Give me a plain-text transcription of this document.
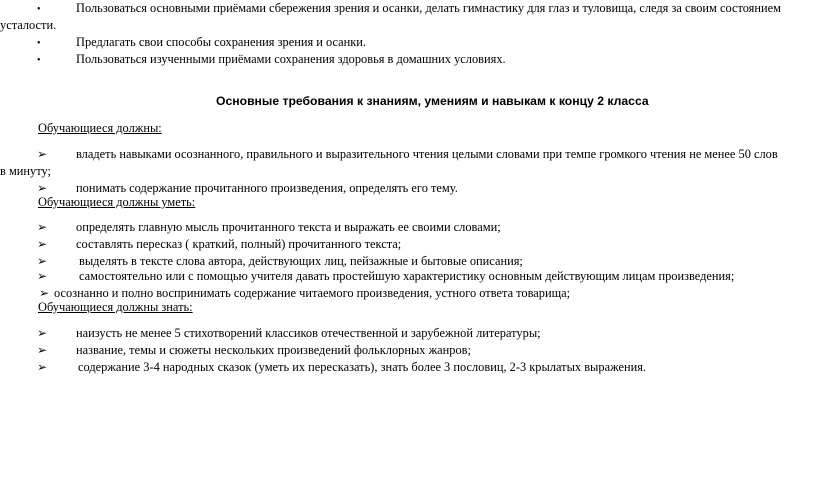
•	Пользоваться основными приёмами сбережения зрения и осанки, делать гимнастику для глаз и туловища, следя за своим состоянием
усталости.
•	Предлагать свои способы сохранения зрения и осанки.
•	Пользоваться изученными приёмами сохранения здоровья в домашних условиях.
Основные требования к знаниям, умениям и навыкам к концу 2 класса
Обучающиеся должны:
➢ владеть навыками осознанного, правильного и выразительного чтения целыми словами при темпе громкого чтения не менее 50 слов
в минуту;
➢ понимать содержание прочитанного произведения, определять его тему.
Обучающиеся должны уметь:
➢ определять главную мысль прочитанного текста и выражать ее своими словами;
➢ составлять пересказ ( краткий, полный) прочитанного текста;
➢	выделять в тексте слова автора, действующих лиц, пейзажные и бытовые описания;
➢	самостоятельно или с помощью учителя давать простейшую характеристику основным действующим лицам произведения;
➢ осознанно и полно воспринимать содержание читаемого произведения, устного ответа товарища;
Обучающиеся должны знать:
➢ наизусть не менее 5 стихотворений классиков отечественной и зарубежной литературы;
➢ название, темы и сюжеты нескольких произведений фольклорных жанров;
➢ содержание 3-4 народных сказок (уметь их пересказать), знать более 3 пословиц, 2-3 крылатых выражения.
